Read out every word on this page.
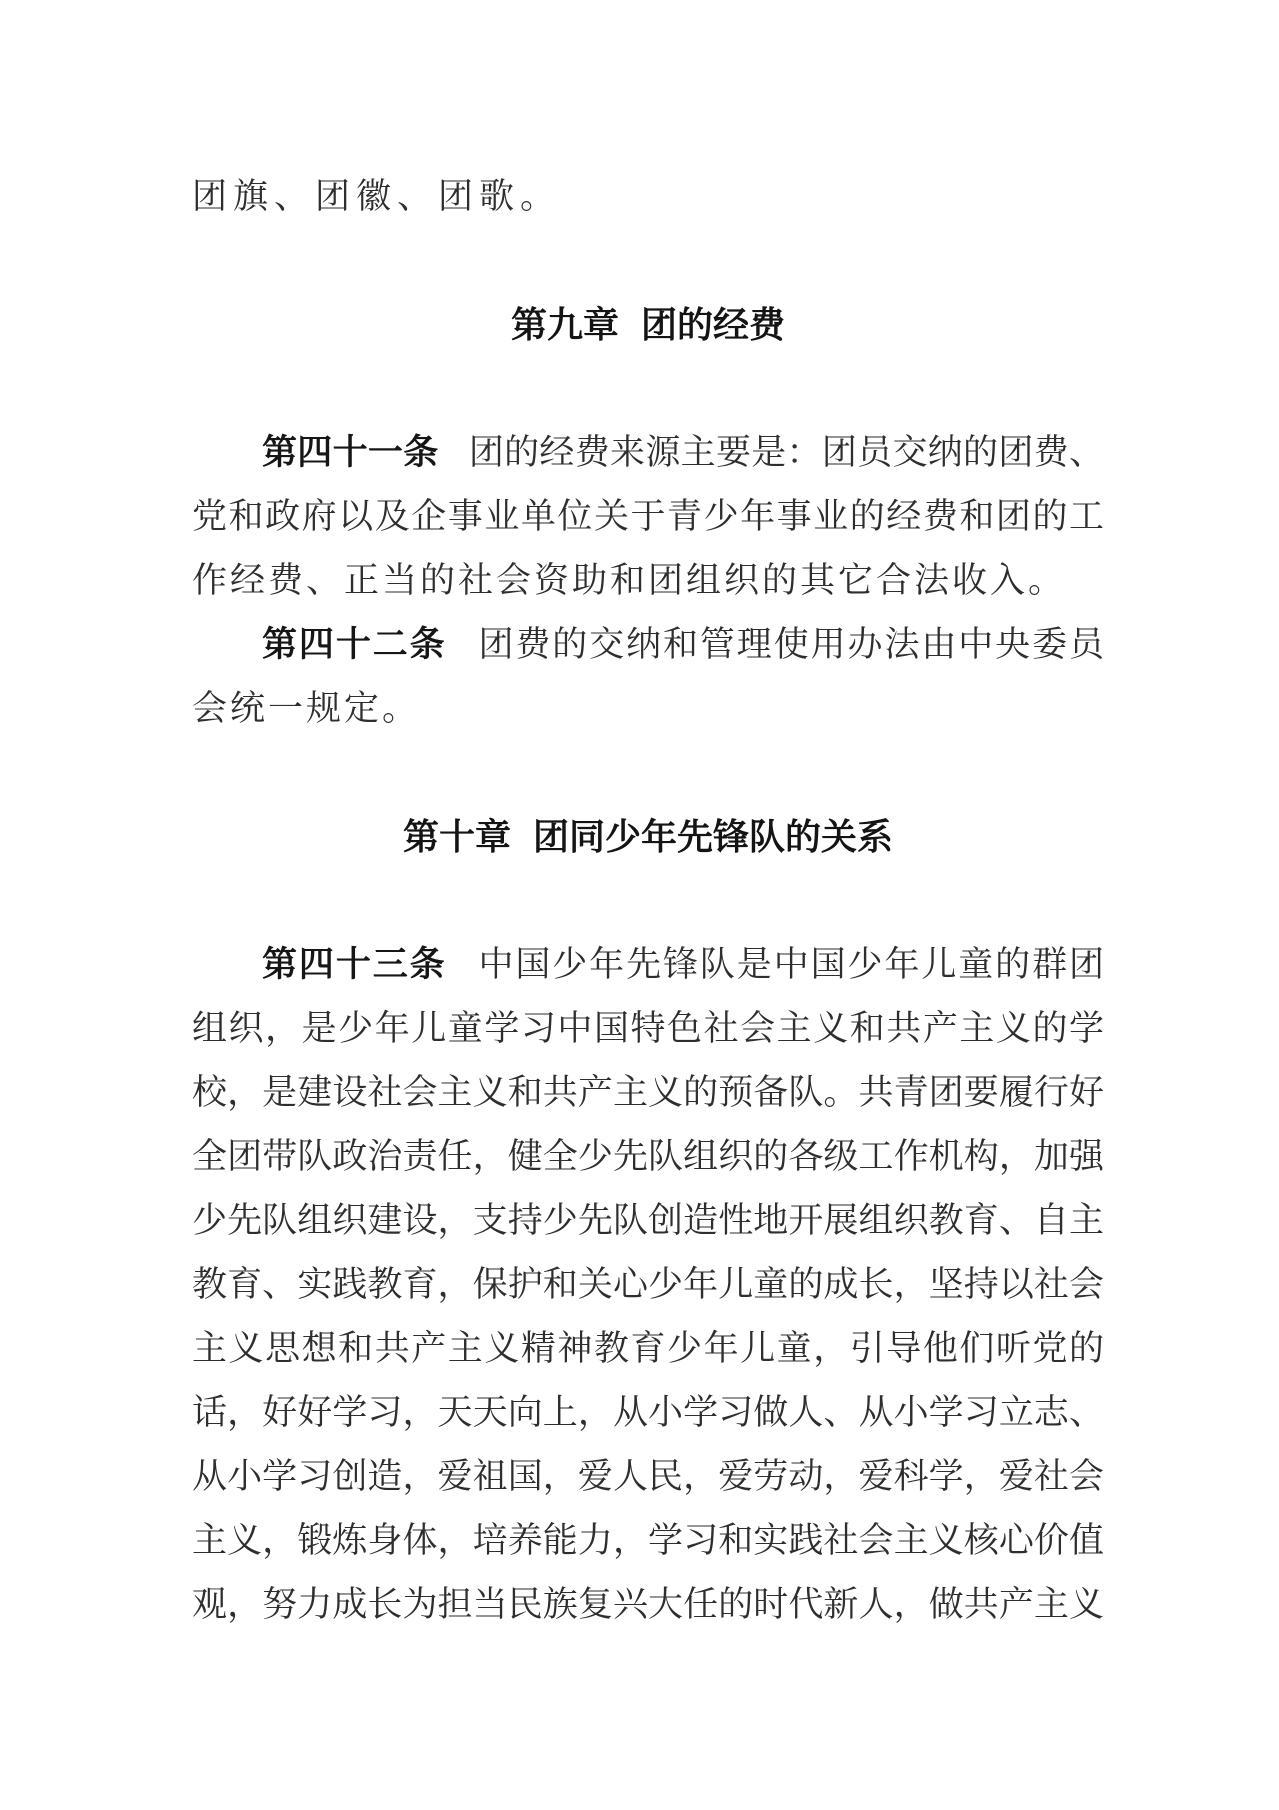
团旗、团徽、团歌。
第九章 团的经费
第四十一条 团的经费来源主要是：团员交纳的团费、
党和政府以及企事业单位关于青少年事业的经费和团的工
作经费、正当的社会资助和团组织的其它合法收入。
第四十二条 团费的交纳和管理使用办法由中央委员
会统一规定。
第十章 团同少年先锋队的关系
第四十三条 中国少年先锋队是中国少年儿童的群团
组织，是少年儿童学习中国特色社会主义和共产主义的学
校，是建设社会主义和共产主义的预备队。共青团要履行好
全团带队政治责任，健全少先队组织的各级工作机构，加强
少先队组织建设，支持少先队创造性地开展组织教育、自主
教育、实践教育，保护和关心少年儿童的成长，坚持以社会
主义思想和共产主义精神教育少年儿童，引导他们听党的
话，好好学习，天天向上，从小学习做人、从小学习立志、
从小学习创造，爱祖国，爱人民，爱劳动，爱科学，爱社会
主义，锻炼身体，培养能力，学习和实践社会主义核心价值
观，努力成长为担当民族复兴大任的时代新人，做共产主义
